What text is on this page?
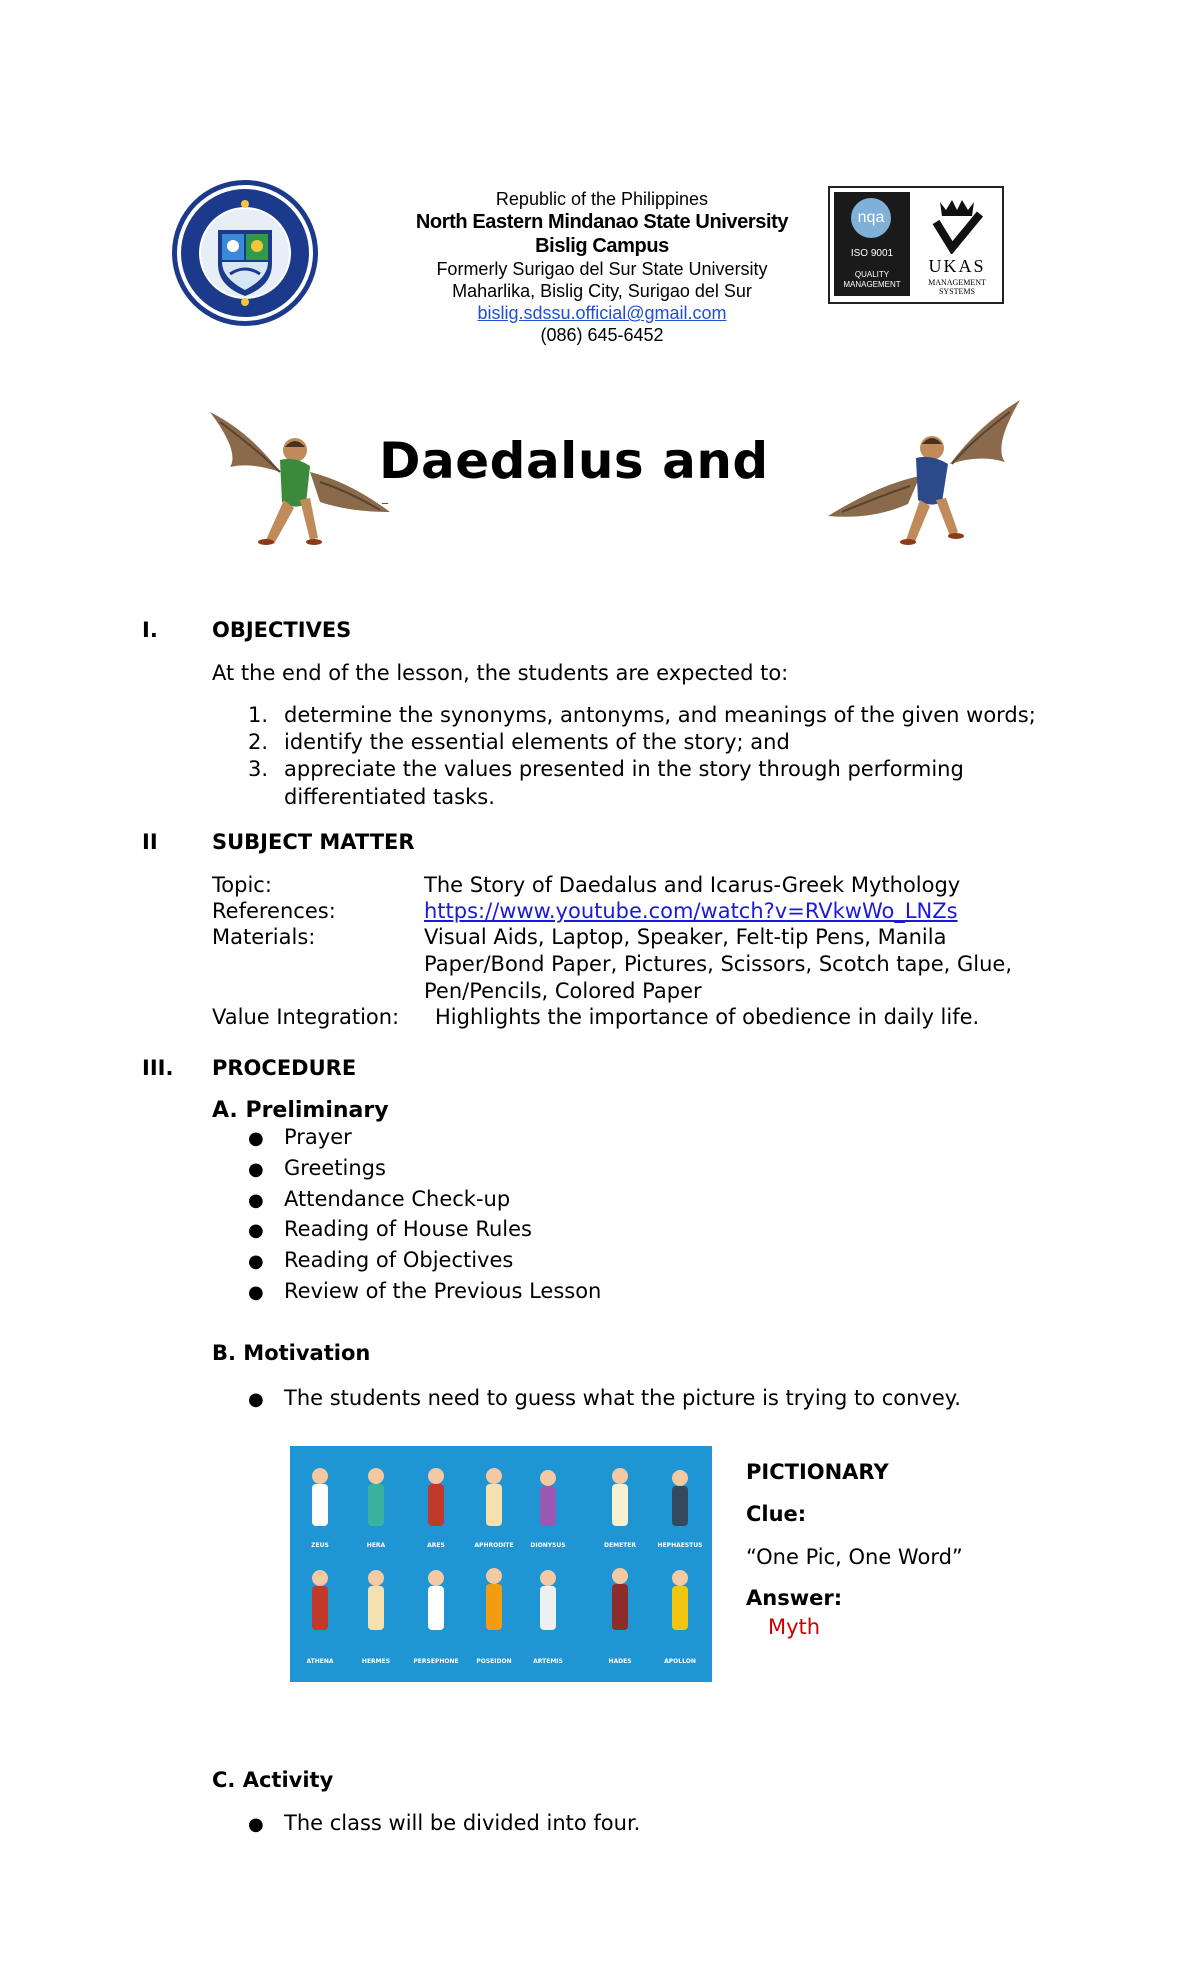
Republic of the Philippines
North Eastern Mindanao State University
Bislig Campus
Formerly Surigao del Sur State University
Maharlika, Bislig City, Surigao del Sur
bislig.sdssu.official@gmail.com
(086) 645-6452
nqa
ISO 9001
QUALITY MANAGEMENT
UKAS
MANAGEMENT SYSTEMS
Daedalus and
_
I.	OBJECTIVES
At the end of the lesson, the students are expected to:
1. determine the synonyms, antonyms, and meanings of the given words;
2. identify the essential elements of the story; and
3. appreciate the values presented in the story through performing
differentiated tasks.
II	SUBJECT MATTER
Topic:	The Story of Daedalus and Icarus-Greek Mythology
References:	https://www.youtube.com/watch?v=RVkwWo_LNZs
Materials:	Visual Aids, Laptop, Speaker, Felt-tip Pens, Manila
Paper/Bond Paper, Pictures, Scissors, Scotch tape, Glue,
Pen/Pencils, Colored Paper
Value Integration: Highlights the importance of obedience in daily life.
III. PROCEDURE
A. Preliminary
● Prayer
● Greetings
● Attendance Check-up
● Reading of House Rules
● Reading of Objectives
● Review of the Previous Lesson
B. Motivation
● The students need to guess what the picture is trying to convey.
ZEUS	HERA	ARES	APHRODITE	DIONYSUS	DEMETER	HEPHAESTUS
ATHENA	HERMES	PERSEPHONE	POSEIDON	ARTEMIS	HADES	APOLLON
PICTIONARY
Clue:
“One Pic, One Word”
Answer:
Myth
C. Activity
● The class will be divided into four.
